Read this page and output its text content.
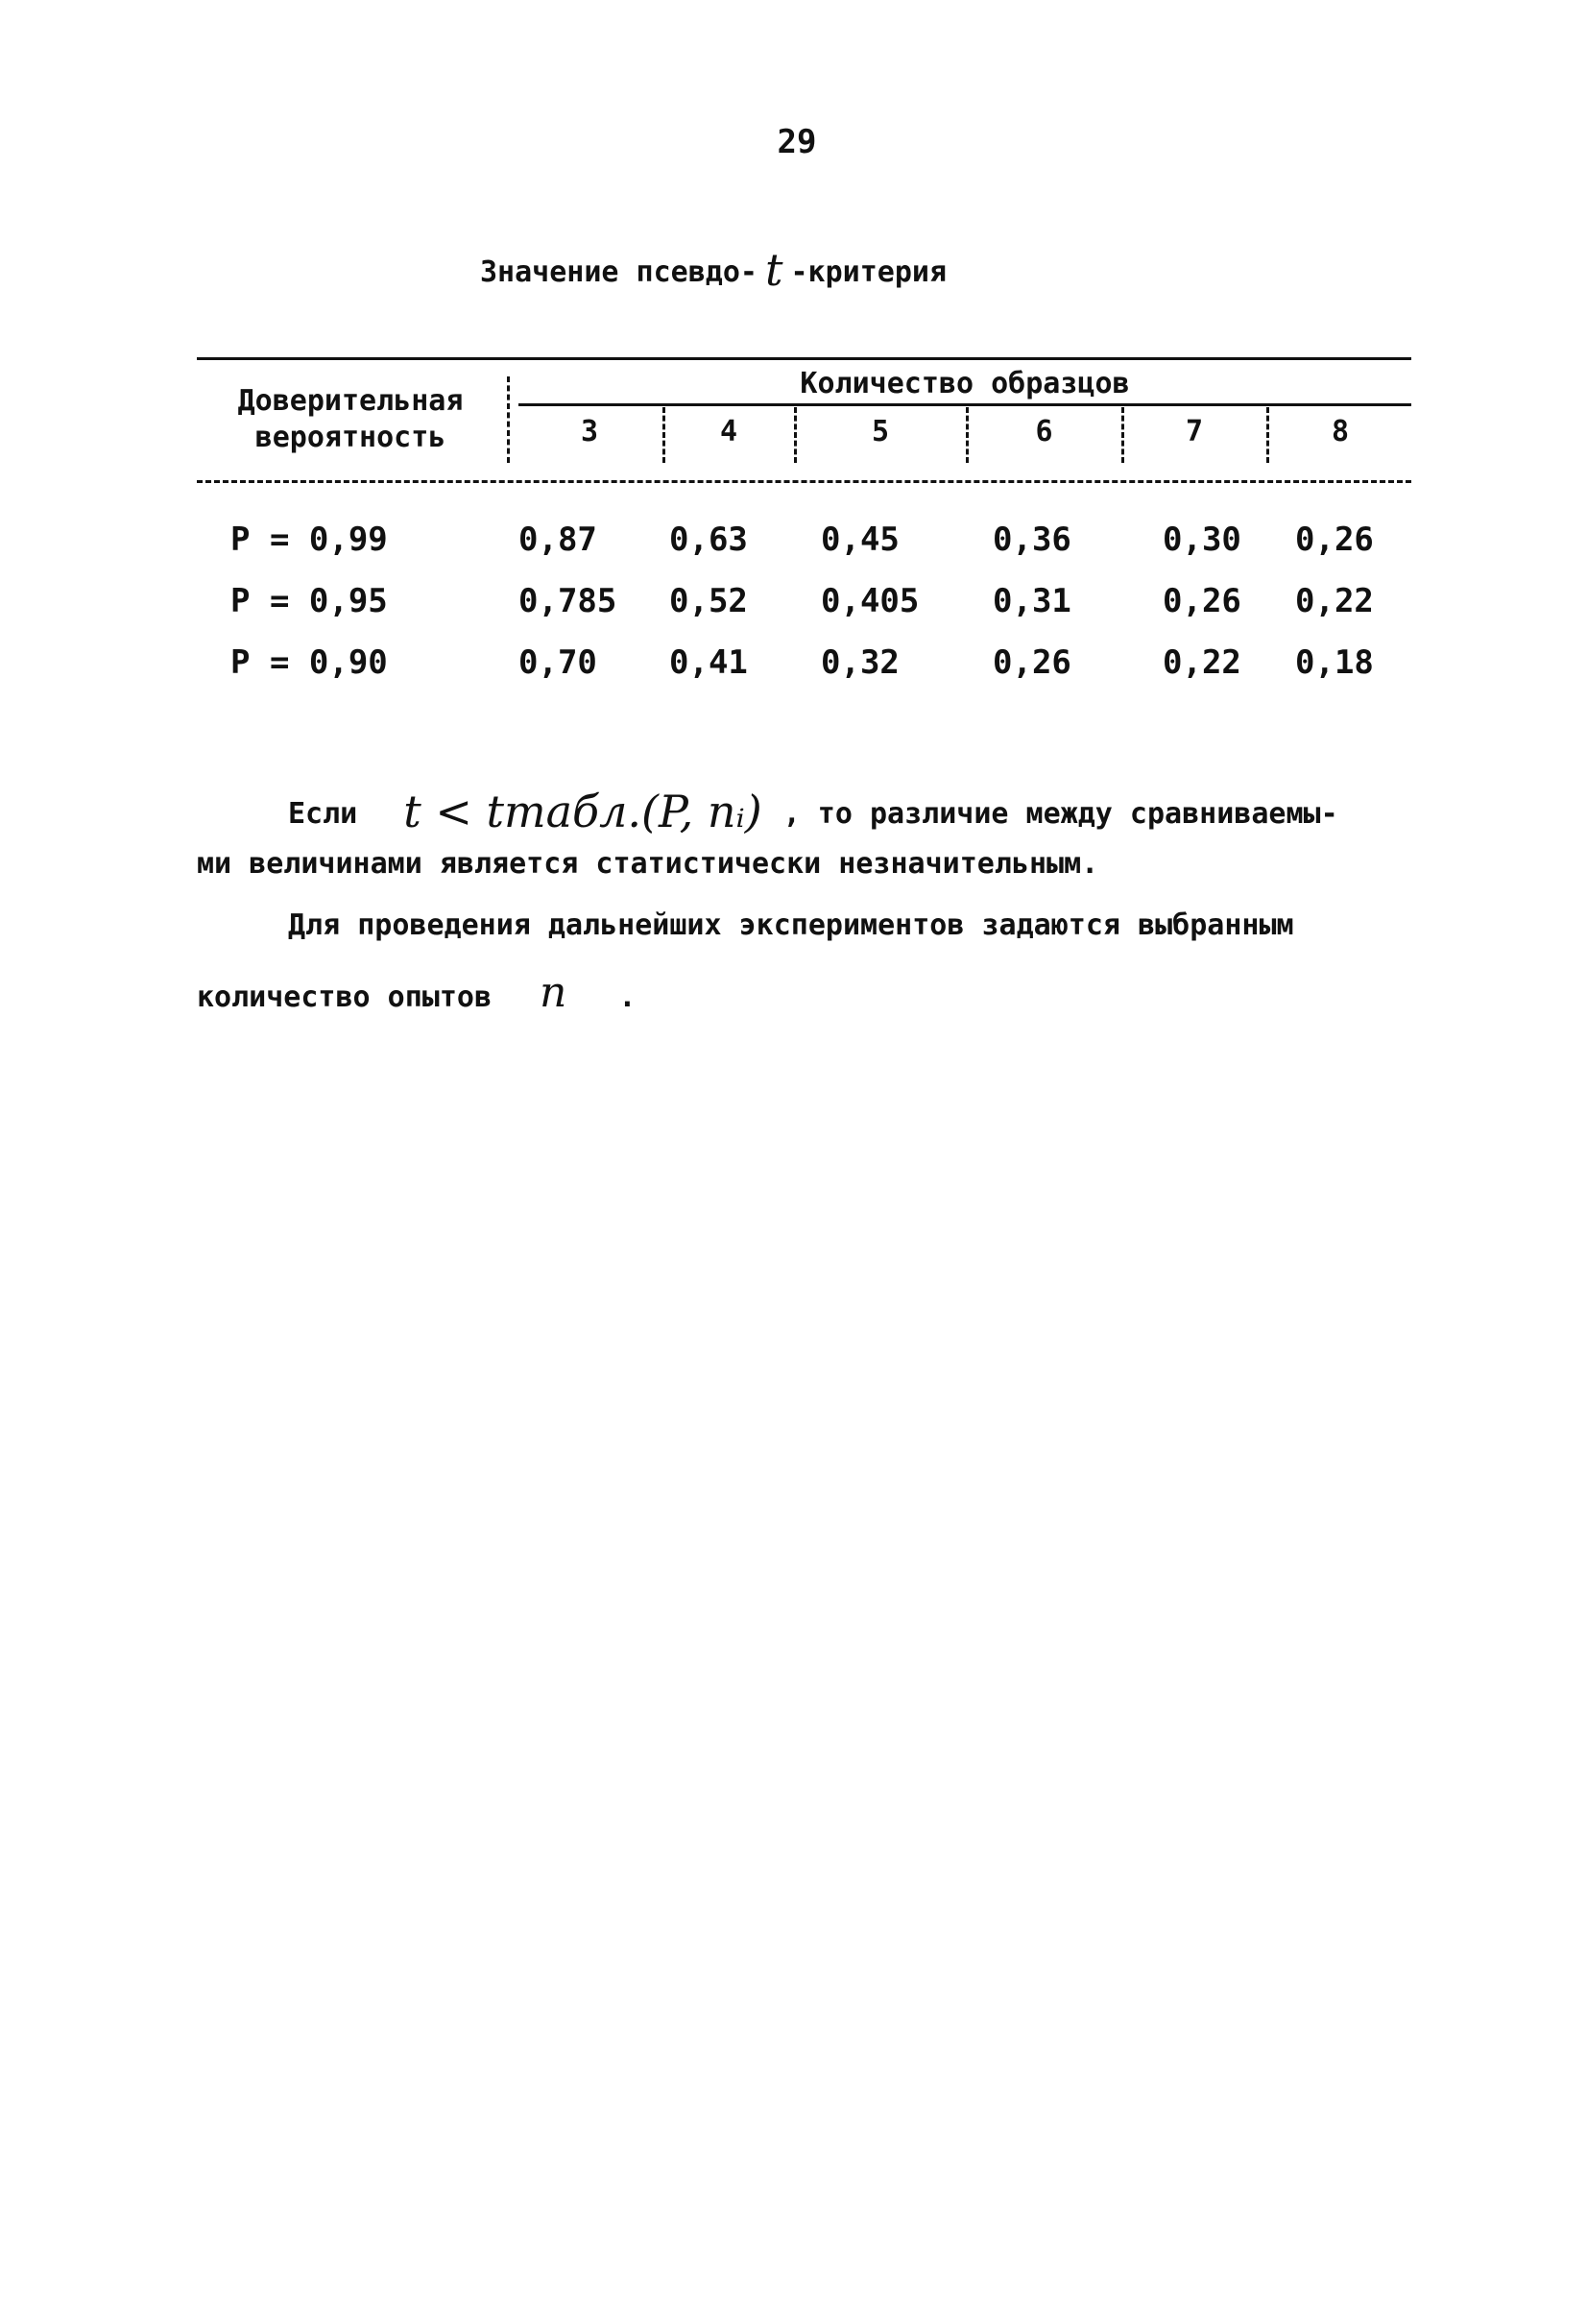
29
Значение псевдо- t -критерия
Доверительная
вероятность
Количество образцов
3	4	5	6	7	8
P = 0,99	0,87 0,63 0,45	0,36	0,30 0,26
P = 0,95	0,785 0,52 0,405 0,31	0,26 0,22
P = 0,90	0,70 0,41 0,32	0,26	0,22 0,18
Если t < tтабл.(P, nᵢ) , то различие между сравниваемы-
ми величинами является статистически незначительным.
Для проведения дальнейших экспериментов задаются выбранным
количество опытов n .
